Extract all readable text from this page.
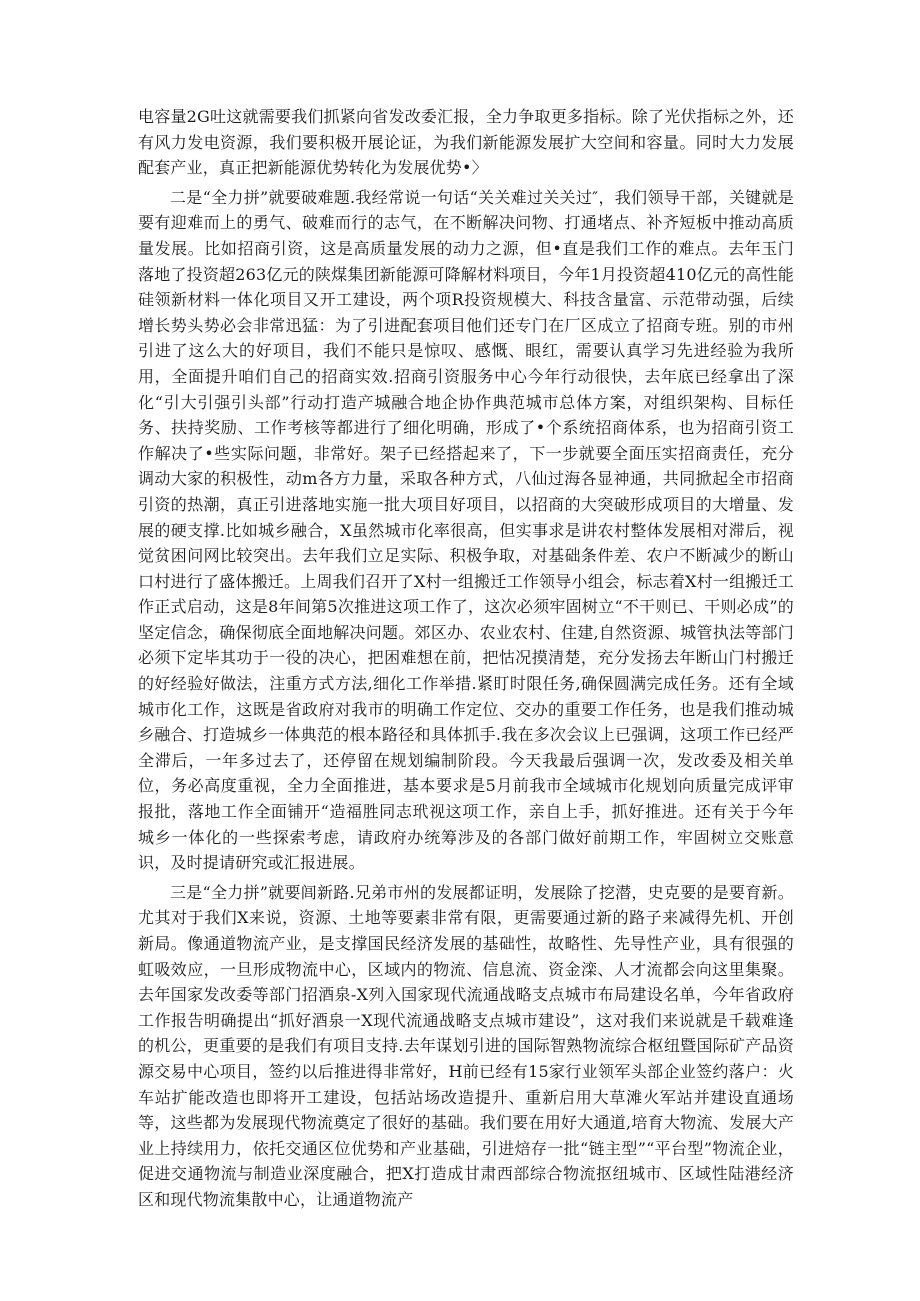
电容量2G吐这就需要我们抓紧向省发改委汇报，全力争取更多指标。除了光伏指标之外，还有风力发电资源，我们要积极开展论证，为我们新能源发展扩大空间和容量。同时大力发展配套产业，真正把新能源优势转化为发展优势•〉

二是“全力拼”就要破难题.我经常说一句话“关关难过关关过″，我们领导干部，关键就是要有迎难而上的勇气、破难而行的志气，在不断解决问物、打通堵点、补齐短板中推动高质量发展。比如招商引资，这是高质量发展的动力之源，但•直是我们工作的难点。去年玉门落地了投资超263亿元的陕煤集团新能源可降解材料项目，今年1月投资超410亿元的高性能硅领新材料一体化项目又开工建设，两个项R投资规模大、科技含量富、示范带动强，后续增长势头势必会非常迅猛：为了引进配套项目他们还专门在厂区成立了招商专班。别的市州引进了这么大的好项目，我们不能只是惊叹、感慨、眼红，需要认真学习先进经验为我所用，全面提升咱们自己的招商实效.招商引资服务中心今年行动很快，去年底已经拿出了深化“引大引强引头部”行动打造产城融合地企协作典范城市总体方案，对组织架构、目标任务、扶持奖励、工作考核等都进行了细化明确，形成了•个系统招商体系，也为招商引资工作解决了•些实际问题，非常好。架子已经搭起来了，下一步就要全面压实招商责任，充分调动大家的积极性，动m各方力量，采取各种方式，八仙过海各显神通，共同掀起全市招商引资的热潮，真正引进落地实施一批大项目好项目，以招商的大突破形成项目的大增量、发展的硬支撑.比如城乡融合，X虽然城市化率很高，但实事求是讲农村整体发展相对滞后，视觉贫困问网比较突出。去年我们立足实际、积极争取，对基础条件差、农户不断减少的断山口村进行了盛体搬迁。上周我们召开了X村一组搬迁工作领导小组会，标志着X村一组搬迁工作正式启动，这是8年间第5次推进这项工作了，这次必须牢固树立“不干则已、干则必成”的坚定信念，确保彻底全面地解决问题。郊区办、农业农村、住建,自然资源、城管执法等部门必须下定毕其功于一役的决心，把困难想在前，把怙况摸清楚，充分发扬去年断山门村搬迁的好经验好做法，注重方式方法,细化工作举措.紧盯时限任务,确保圆满完成任务。还有全域城市化工作，这既是省政府对我市的明确工作定位、交办的重要工作任务，也是我们推动城乡融合、打造城乡一体典范的根本路径和具体抓手.我在多次会议上已强调，这项工作已经严全滞后，一年多过去了，还停留在规划编制阶段。今天我最后强调一次，发改委及相关单位，务必高度重视，全力全面推进，基本要求是5月前我市全域城市化规划向质量完成评审报批，落地工作全面铺开“造福胜同志玳视这项工作，亲自上手，抓好推进。还有关于今年城乡一体化的一些探索考虑，请政府办统筹涉及的各部门做好前期工作，牢固树立交账意识，及时提请研究或汇报进展。

三是“全力拼”就要闾新路.兄弟市州的发展都证明，发展除了挖潜，史克要的是要育新。尤其对于我们X来说，资源、土地等要素非常有限，更需要通过新的路子来减得先机、开创新局。像通道物流产业，是支撑国民经济发展的基础性，故略性、先导性产业，具有很强的虹吸效应，一旦形成物流中心，区域内的物流、信息流、资金滦、人才流都会向这里集聚。去年国家发改委等部门招酒泉-X列入国家现代流通战略支点城市布局建设名单，今年省政府工作报告明确提出“抓好酒泉一X现代流通战略支点城市建设”，这对我们来说就是千载难逢的机公，更重要的是我们有项目支持.去年谋划引进的国际智熟物流综合枢纽暨国际矿产品资源交易中心项目，签约以后推进得非常好，H前已经有15家行业领军头部企业签约落户：火车站扩能改造也即将开工建设，包括站场改造提升、重新启用大草滩火军站并建设直通场等，这些都为发展现代物流奠定了很好的基础。我们要在用好大通道,培育大物流、发展大产业上持续用力，依托交通区位优势和产业基础，引进焙存一批“链主型”“平台型”物流企业，促进交通物流与制造业深度融合，把X打造成甘肃西部综合物流抠纽城市、区域性陆港经济区和现代物流集散中心，让通道物流产
